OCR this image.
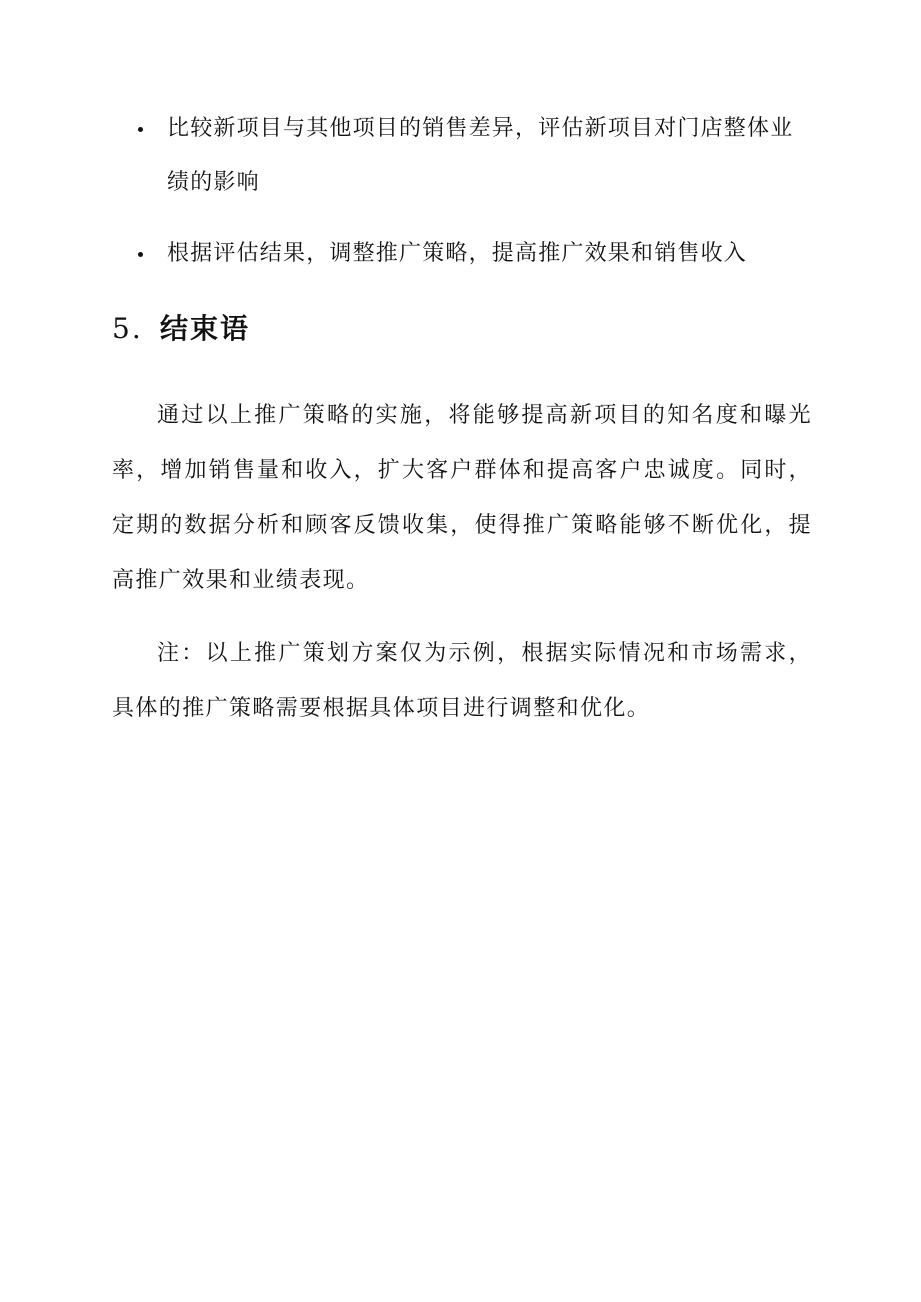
比较新项目与其他项目的销售差异，评估新项目对门店整体业绩的影响
根据评估结果，调整推广策略，提高推广效果和销售收入
5. 结束语

通过以上推广策略的实施，将能够提高新项目的知名度和曝光率，增加销售量和收入，扩大客户群体和提高客户忠诚度。同时，定期的数据分析和顾客反馈收集，使得推广策略能够不断优化，提高推广效果和业绩表现。

注：以上推广策划方案仅为示例，根据实际情况和市场需求，具体的推广策略需要根据具体项目进行调整和优化。
